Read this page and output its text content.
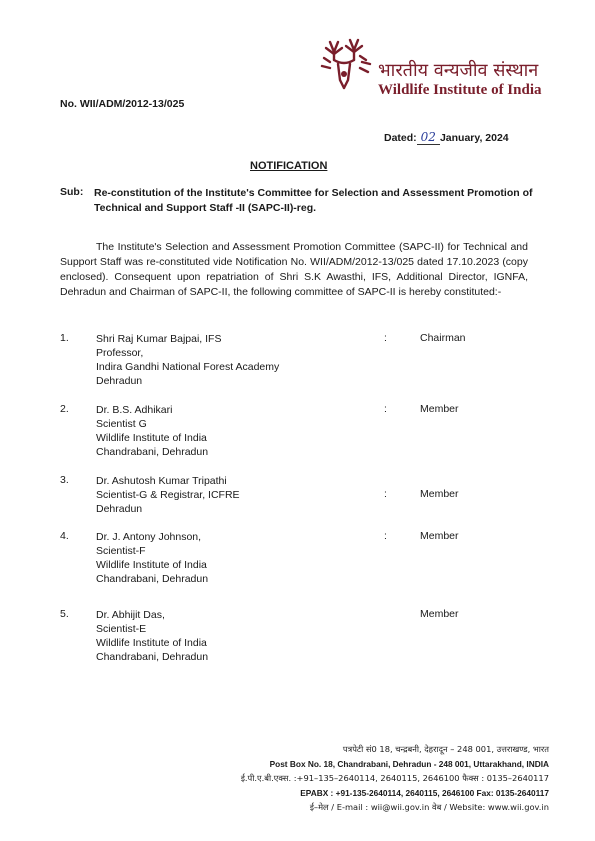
भारतीय वन्यजीव संस्थान
Wildlife Institute of India
No. WII/ADM/2012-13/025
Dated: 02 January, 2024
NOTIFICATION
Sub: Re-constitution of the Institute's Committee for Selection and Assessment Promotion of Technical and Support Staff -II (SAPC-II)-reg.
The Institute's Selection and Assessment Promotion Committee (SAPC-II) for Technical and Support Staff was re-constituted vide Notification No. WII/ADM/2012-13/025 dated 17.10.2023 (copy enclosed). Consequent upon repatriation of Shri S.K Awasthi, IFS, Additional Director, IGNFA, Dehradun and Chairman of SAPC-II, the following committee of SAPC-II is hereby constituted:-
1.	Shri Raj Kumar Bajpai, IFS
Professor,
Indira Gandhi National Forest Academy
Dehradun
:	Chairman
2.	Dr. B.S. Adhikari
Scientist G
Wildlife Institute of India
Chandrabani, Dehradun
:	Member
3.	Dr. Ashutosh Kumar Tripathi
Scientist-G & Registrar, ICFRE
Dehradun
:	Member
4.	Dr. J. Antony Johnson,
Scientist-F
Wildlife Institute of India
Chandrabani, Dehradun
:	Member
5.	Dr. Abhijit Das,
Scientist-E
Wildlife Institute of India
Chandrabani, Dehradun
Member
पत्रपेटी सं0 18, चन्द्रबनी, देहरादून – 248 001, उत्तराखण्ड, भारत
Post Box No. 18, Chandrabani, Dehradun - 248 001, Uttarakhand, INDIA
ई.पी.ए.बी.एक्स. :+91–135–2640114, 2640115, 2646100 फैक्स : 0135–2640117
EPABX : +91-135-2640114, 2640115, 2646100 Fax: 0135-2640117
ई–मेल / E-mail : wii@wii.gov.in वेब / Website: www.wii.gov.in
